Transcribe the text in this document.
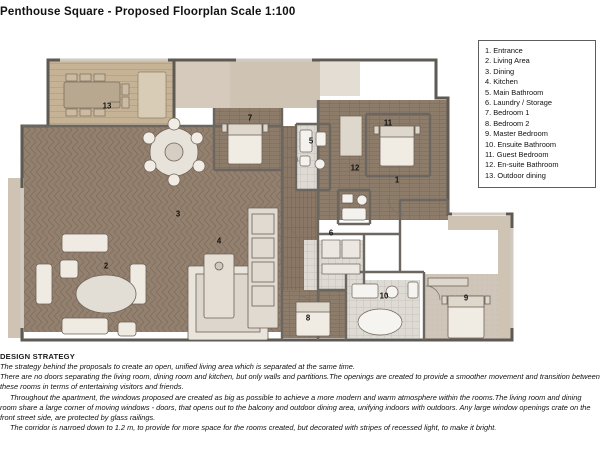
Penthouse Square - Proposed Floorplan Scale 1:100
13
7
5
11
12
1
3
4
6
2
10	9
8
1. Entrance
2. Living Area
3. Dining
4. Kitchen
5. Main Bathroom
6. Laundry / Storage
7. Bedroom 1
8. Bedroom 2
9. Master Bedroom
10. Ensuite Bathroom
11. Guest Bedroom
12. En-suite Bathroom
13. Outdoor dining
DESIGN STRATEGY

The strategy behind the proposals to create an open, unified living area which is separated at the same time.

There are no doors separating the living room, dining room and kitchen, but only walls and partitions.The openings are created to provide a smoother movement and transition between these rooms in terms of entertaining visitors and friends.

Throughout the apartment, the windows proposed are created as big as possible to achieve a more modern and warm atmosphere within the rooms.The living room and dining room share a large corner of moving windows - doors, that opens out to the balcony and outdoor dining area, unifying indoors with outdoors. Any large window openings crate on the front street side, are protected by glass railings.

The corridor is narroed down to 1.2 m, to provide for more space for the rooms created, but decorated with stripes of recessed light, to make it bright.
